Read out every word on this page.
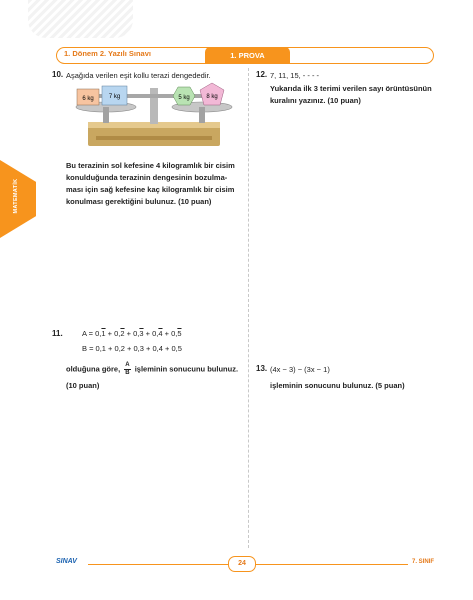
1. Dönem 2. Yazılı Sınavı	1. PROVA
MATEMATİK
10. Aşağıda verilen eşit kollu terazi dengededir.
6 kg	7 kg	5 kg	8 kg
Bu terazinin sol kefesine 4 kilogramlık bir cisim
konulduğunda terazinin dengesinin bozulma-
ması için sağ kefesine kaç kilogramlık bir cisim
konulması gerektiğini bulunuz. (10 puan)
11.	A = 0,1 + 0,2 + 0,3 + 0,4 + 0,5
B = 0,1 + 0,2 + 0,3 + 0,4 + 0,5
olduğuna göre, $\frac{A}{B}$ işleminin sonucunu bulunuz.
(10 puan)
12. 7, 11, 15, - - - -
Yukarıda ilk 3 terimi verilen sayı örüntüsünün
kuralını yazınız. (10 puan)
13. (4x − 3) − (3x − 1)
işleminin sonucunu bulunuz. (5 puan)
SINAV	24	7. SINIF
